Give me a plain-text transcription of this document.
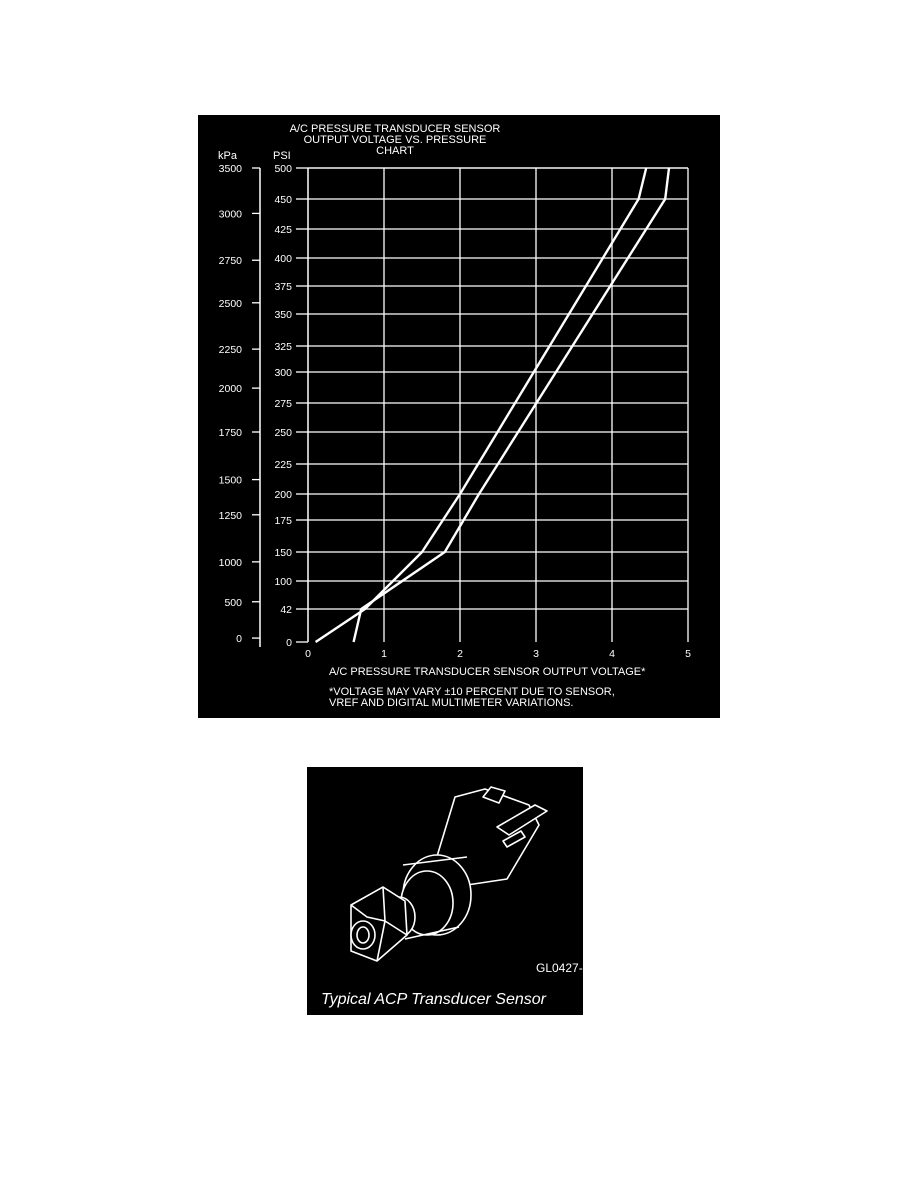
A/C PRESSURE TRANSDUCER SENSOR
OUTPUT VOLTAGE VS. PRESSURE
CHART
kPa	PSI
A/C PRESSURE TRANSDUCER SENSOR OUTPUT VOLTAGE*
*VOLTAGE MAY VARY ±10 PERCENT DUE TO SENSOR,
VREF AND DIGITAL MULTIMETER VARIATIONS.
500
450
425
400
375
350
325
300
275
250
225
200
175
150
100
42
0
3500
3000
2750
2500
2250
2000
1750
1500
1250
1000
500
0
0	1	2	3	4	5
GL0427-A
Typical ACP Transducer Sensor
